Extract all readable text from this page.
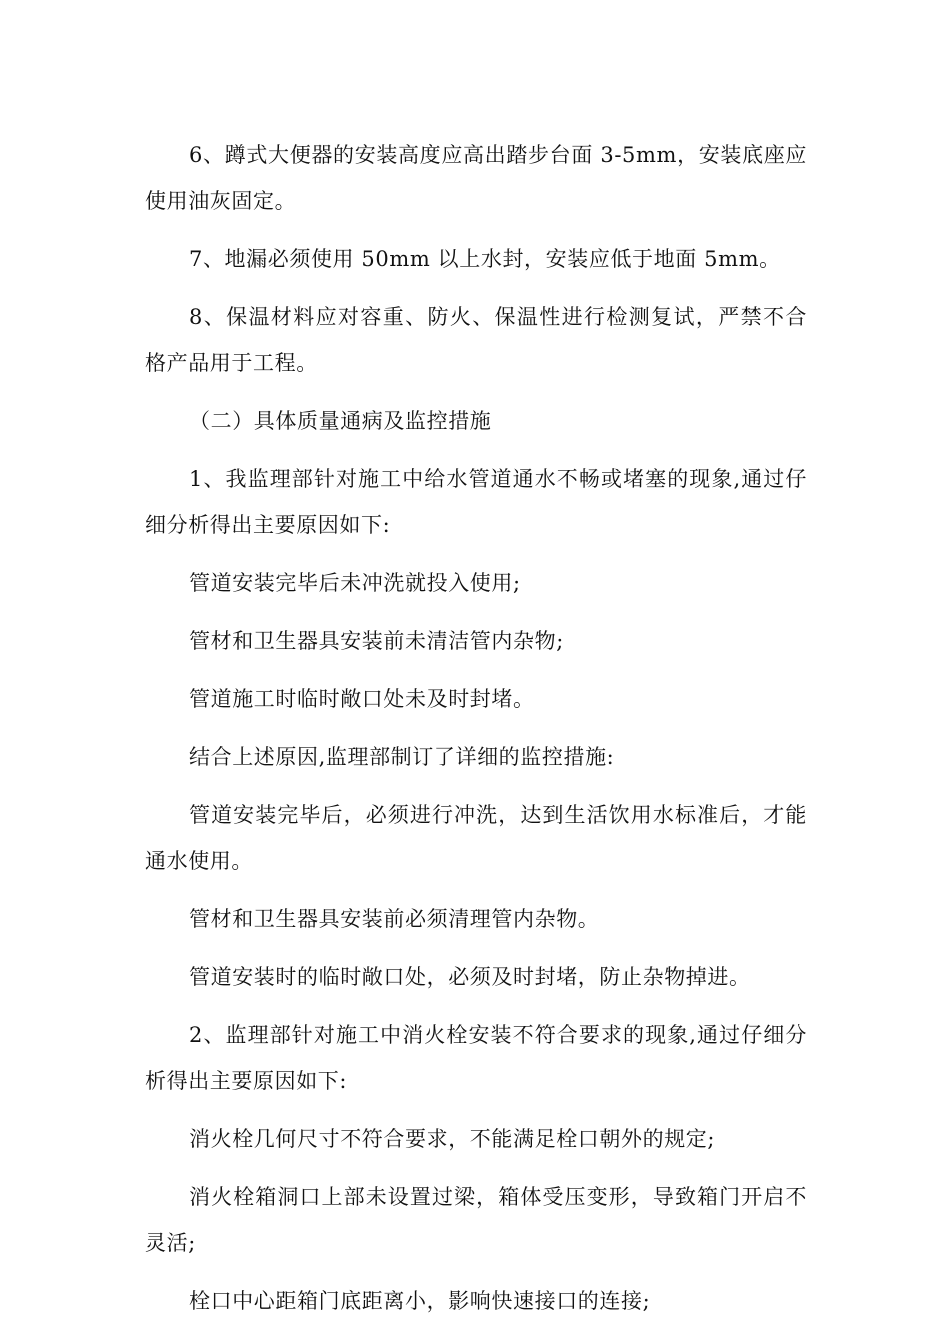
6、蹲式大便器的安装高度应高出踏步台面 3-5mm，安装底座应使用油灰固定。

7、地漏必须使用 50mm 以上水封，安装应低于地面 5mm。

8、保温材料应对容重、防火、保温性进行检测复试，严禁不合格产品用于工程。

（二）具体质量通病及监控措施

1、我监理部针对施工中给水管道通水不畅或堵塞的现象,通过仔细分析得出主要原因如下:

管道安装完毕后未冲洗就投入使用;

管材和卫生器具安装前未清洁管内杂物;

管道施工时临时敞口处未及时封堵。

结合上述原因,监理部制订了详细的监控措施:

管道安装完毕后，必须进行冲洗，达到生活饮用水标准后，才能通水使用。

管材和卫生器具安装前必须清理管内杂物。

管道安装时的临时敞口处，必须及时封堵，防止杂物掉进。

2、监理部针对施工中消火栓安装不符合要求的现象,通过仔细分析得出主要原因如下:

消火栓几何尺寸不符合要求，不能满足栓口朝外的规定;

消火栓箱洞口上部未设置过梁，箱体受压变形，导致箱门开启不灵活;

栓口中心距箱门底距离小，影响快速接口的连接;
